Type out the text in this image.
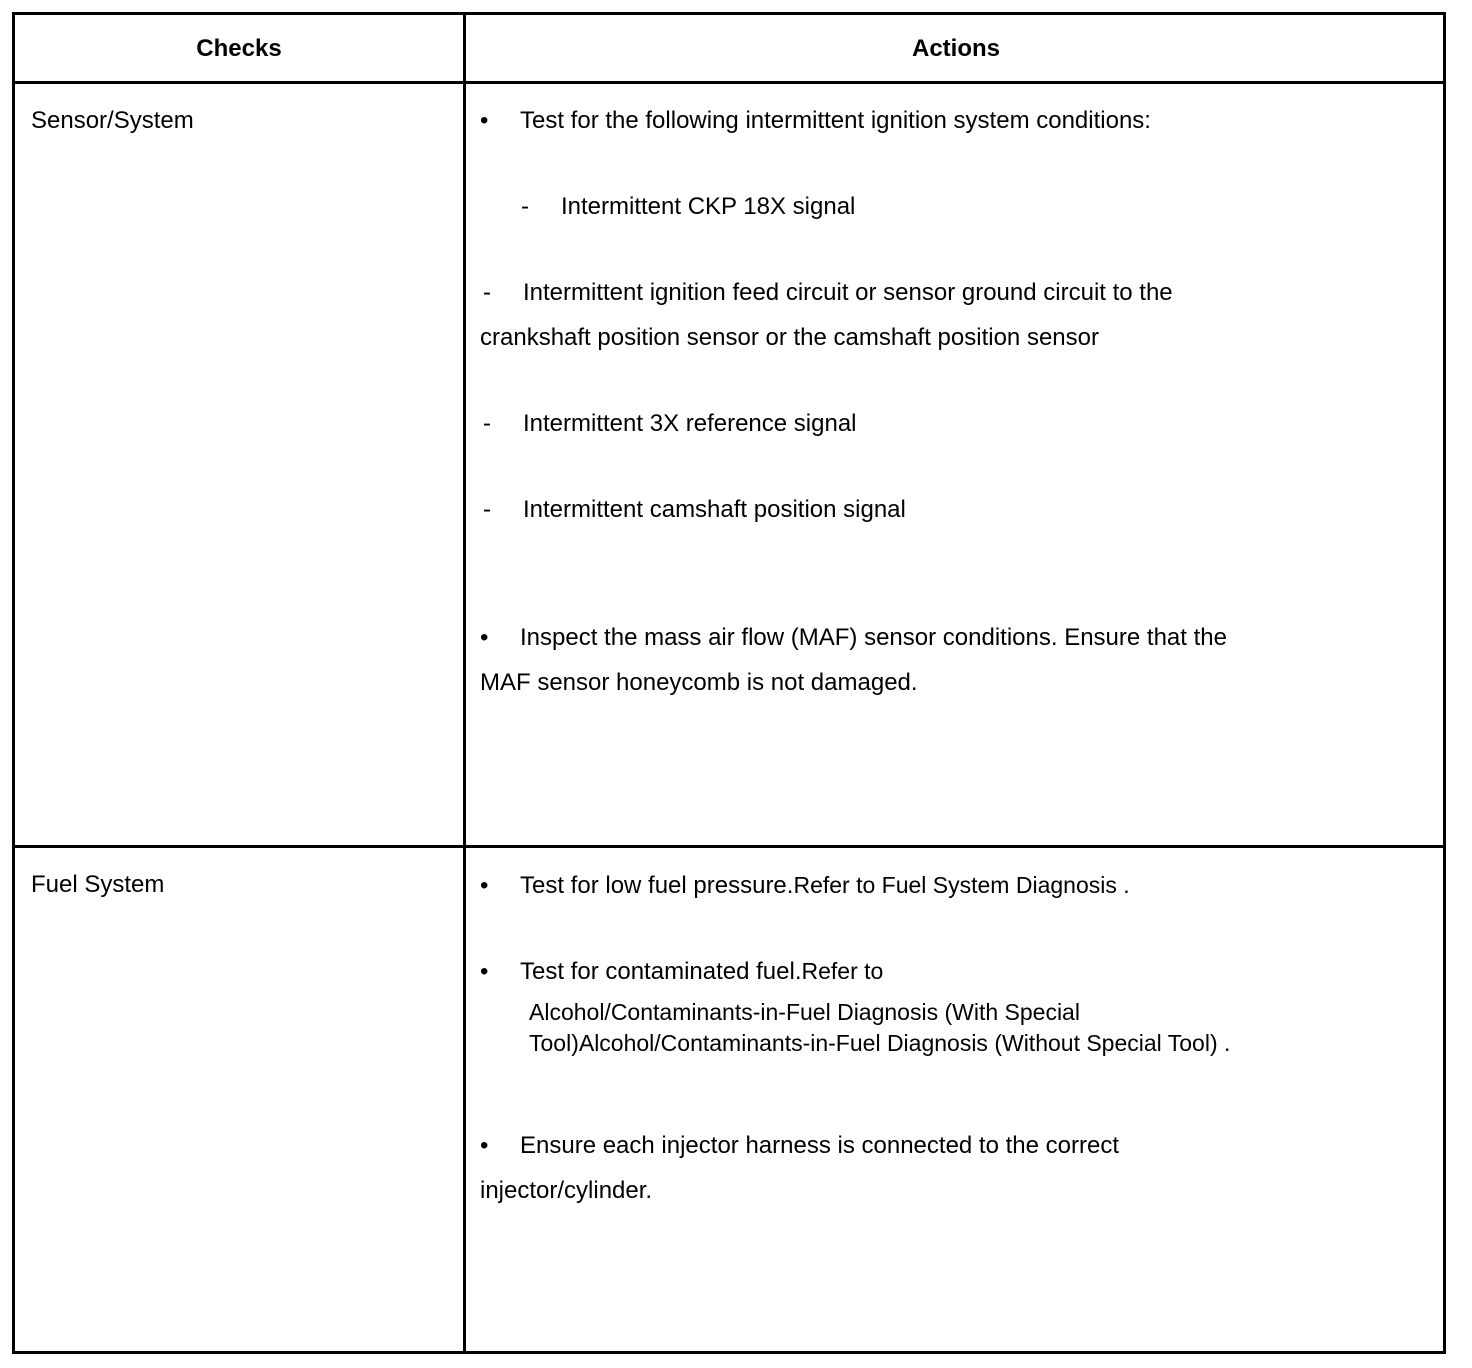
Checks	Actions
Sensor/System	• Test for the following intermittent ignition system conditions:
- Intermittent CKP 18X signal
- Intermittent ignition feed circuit or sensor ground circuit to the
crankshaft position sensor or the camshaft position sensor
- Intermittent 3X reference signal
- Intermittent camshaft position signal
• Inspect the mass air flow (MAF) sensor conditions. Ensure that the
MAF sensor honeycomb is not damaged.
Fuel System	• Test for low fuel pressure.Refer to Fuel System Diagnosis .
• Test for contaminated fuel.Refer to
Alcohol/Contaminants-in-Fuel Diagnosis (With Special
Tool)Alcohol/Contaminants-in-Fuel Diagnosis (Without Special Tool) .
• Ensure each injector harness is connected to the correct
injector/cylinder.
